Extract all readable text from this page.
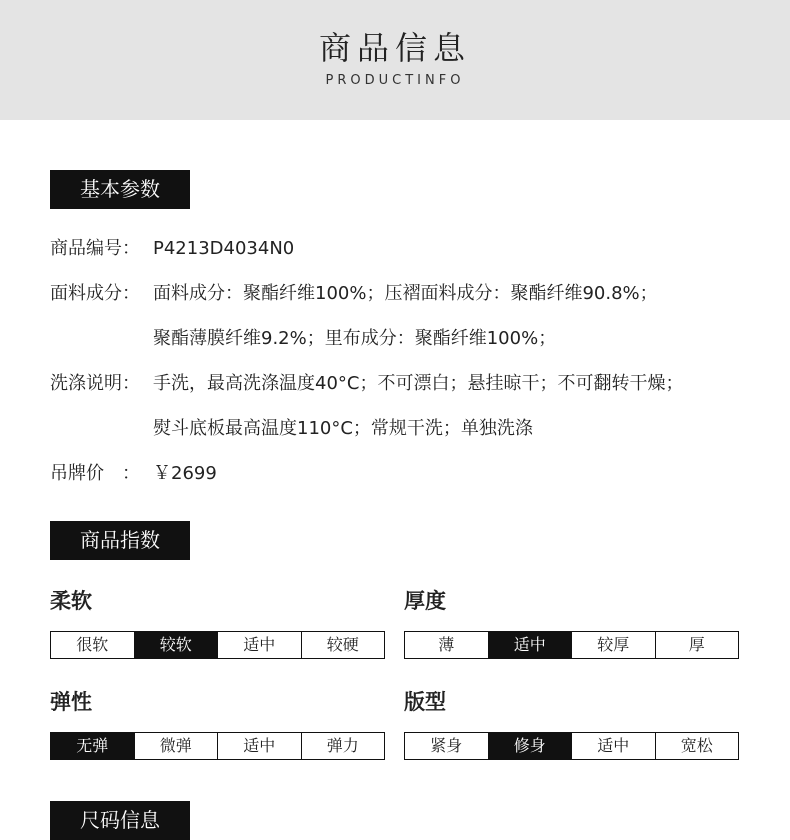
商品信息
PRODUCTINFO
基本参数
商品编号： P4213D4034N0
面料成分： 面料成分：聚酯纤维100%；压褶面料成分：聚酯纤维90.8%；
聚酯薄膜纤维9.2%；里布成分：聚酯纤维100%；
洗涤说明： 手洗，最高洗涤温度40°C；不可漂白；悬挂晾干；不可翻转干燥；
熨斗底板最高温度110°C；常规干洗；单独洗涤
吊牌价　： ￥2699
商品指数
柔软
很软	较软	适中	较硬
厚度
薄	适中	较厚	厚
弹性
无弹	微弹	适中	弹力
版型
紧身	修身	适中	宽松
尺码信息
